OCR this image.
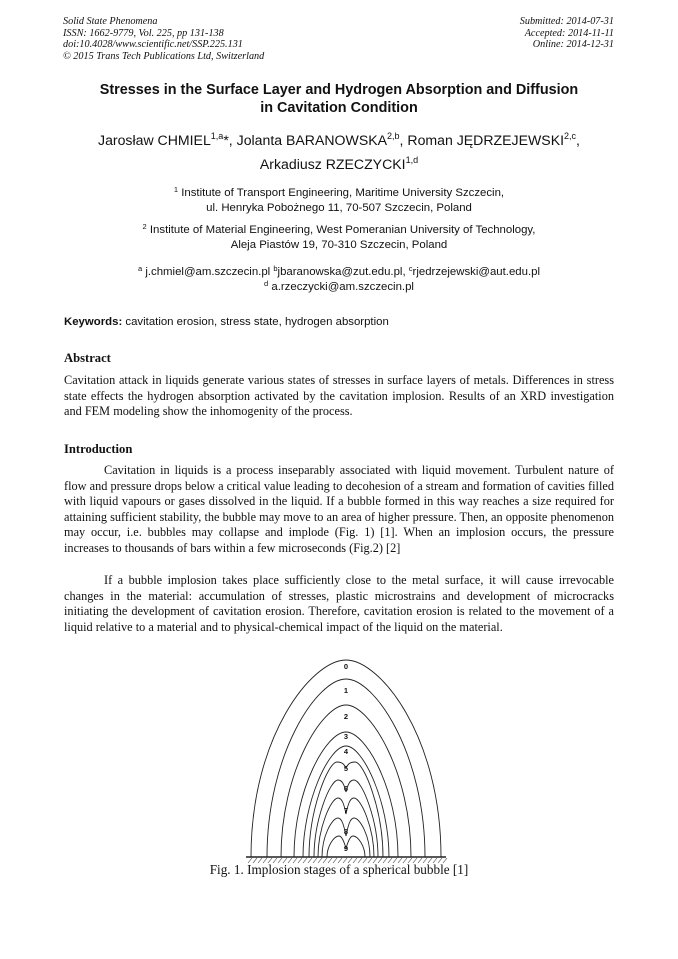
Solid State Phenomena
ISSN: 1662-9779, Vol. 225, pp 131-138
doi:10.4028/www.scientific.net/SSP.225.131
© 2015 Trans Tech Publications Ltd, Switzerland
Submitted: 2014-07-31
Accepted: 2014-11-11
Online: 2014-12-31
Stresses in the Surface Layer and Hydrogen Absorption and Diffusion
in Cavitation Condition
Jarosław CHMIEL$^{1,a}$*, Jolanta BARANOWSKA$^{2,b}$, Roman JĘDRZEJEWSKI$^{2,c}$,
Arkadiusz RZECZYCKI$^{1,d}$
$^1$ Institute of Transport Engineering, Maritime University Szczecin,
ul. Henryka Pobożnego 11, 70-507 Szczecin, Poland
$^2$ Institute of Material Engineering, West Pomeranian University of Technology,
Aleja Piastów 19, 70-310 Szczecin, Poland
$^a$ j.chmiel@am.szczecin.pl $^b$jbaranowska@zut.edu.pl, $^c$rjedrzejewski@aut.edu.pl
$^d$ a.rzeczycki@am.szczecin.pl
Keywords: cavitation erosion, stress state, hydrogen absorption
Abstract
Cavitation attack in liquids generate various states of stresses in surface layers of metals. Differences in stress state effects the hydrogen absorption activated by the cavitation implosion. Results of an XRD investigation and FEM modeling show the inhomogenity of the process.
Introduction
Cavitation in liquids is a process inseparably associated with liquid movement. Turbulent nature of flow and pressure drops below a critical value leading to decohesion of a stream and formation of cavities filled with liquid vapours or gases dissolved in the liquid. If a bubble formed in this way reaches a size required for attaining sufficient stability, the bubble may move to an area of higher pressure. Then, an opposite phenomenon may occur, i.e. bubbles may collapse and implode (Fig. 1) [1]. When an implosion occurs, the pressure increases to thousands of bars within a few microseconds (Fig.2) [2]
If a bubble implosion takes place sufficiently close to the metal surface, it will cause irrevocable changes in the material: accumulation of stresses, plastic microstrains and development of microcracks initiating the development of cavitation erosion. Therefore, cavitation erosion is related to the movement of a liquid relative to a material and to physical-chemical impact of the liquid on the material.
0
1
2
3
4
5
6
7
8
9
Fig. 1. Implosion stages of a spherical bubble [1]
